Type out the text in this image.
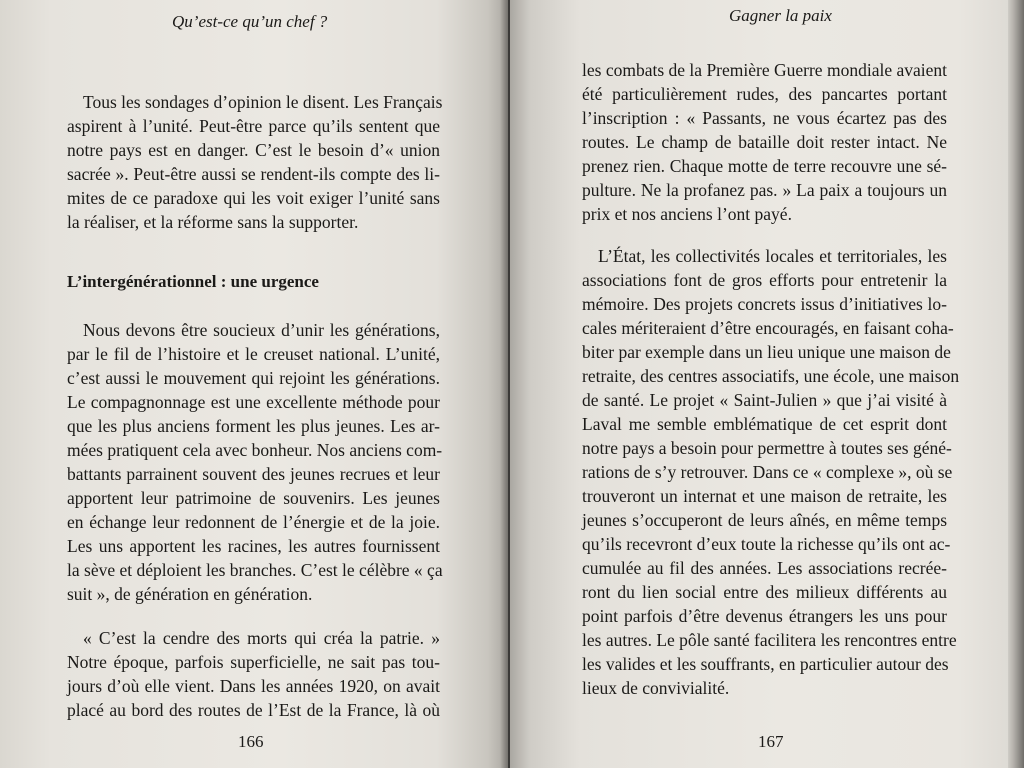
Qu’est-ce qu’un chef ?
Tous les sondages d’opinion le disent. Les Français
aspirent à l’unité. Peut-être parce qu’ils sentent que
notre pays est en danger. C’est le besoin d’« union
sacrée ». Peut-être aussi se rendent-ils compte des li-
mites de ce paradoxe qui les voit exiger l’unité sans
la réaliser, et la réforme sans la supporter.
L’intergénérationnel : une urgence
Nous devons être soucieux d’unir les générations,
par le fil de l’histoire et le creuset national. L’unité,
c’est aussi le mouvement qui rejoint les générations.
Le compagnonnage est une excellente méthode pour
que les plus anciens forment les plus jeunes. Les ar-
mées pratiquent cela avec bonheur. Nos anciens com-
battants parrainent souvent des jeunes recrues et leur
apportent leur patrimoine de souvenirs. Les jeunes
en échange leur redonnent de l’énergie et de la joie.
Les uns apportent les racines, les autres fournissent
la sève et déploient les branches. C’est le célèbre « ça
suit », de génération en génération.
« C’est la cendre des morts qui créa la patrie. »
Notre époque, parfois superficielle, ne sait pas tou-
jours d’où elle vient. Dans les années 1920, on avait
placé au bord des routes de l’Est de la France, là où
166
Gagner la paix
les combats de la Première Guerre mondiale avaient
été particulièrement rudes, des pancartes portant
l’inscription : « Passants, ne vous écartez pas des
routes. Le champ de bataille doit rester intact. Ne
prenez rien. Chaque motte de terre recouvre une sé-
pulture. Ne la profanez pas. » La paix a toujours un
prix et nos anciens l’ont payé.
L’État, les collectivités locales et territoriales, les
associations font de gros efforts pour entretenir la
mémoire. Des projets concrets issus d’initiatives lo-
cales mériteraient d’être encouragés, en faisant coha-
biter par exemple dans un lieu unique une maison de
retraite, des centres associatifs, une école, une maison
de santé. Le projet « Saint-Julien » que j’ai visité à
Laval me semble emblématique de cet esprit dont
notre pays a besoin pour permettre à toutes ses géné-
rations de s’y retrouver. Dans ce « complexe », où se
trouveront un internat et une maison de retraite, les
jeunes s’occuperont de leurs aînés, en même temps
qu’ils recevront d’eux toute la richesse qu’ils ont ac-
cumulée au fil des années. Les associations recrée-
ront du lien social entre des milieux différents au
point parfois d’être devenus étrangers les uns pour
les autres. Le pôle santé facilitera les rencontres entre
les valides et les souffrants, en particulier autour des
lieux de convivialité.
167
